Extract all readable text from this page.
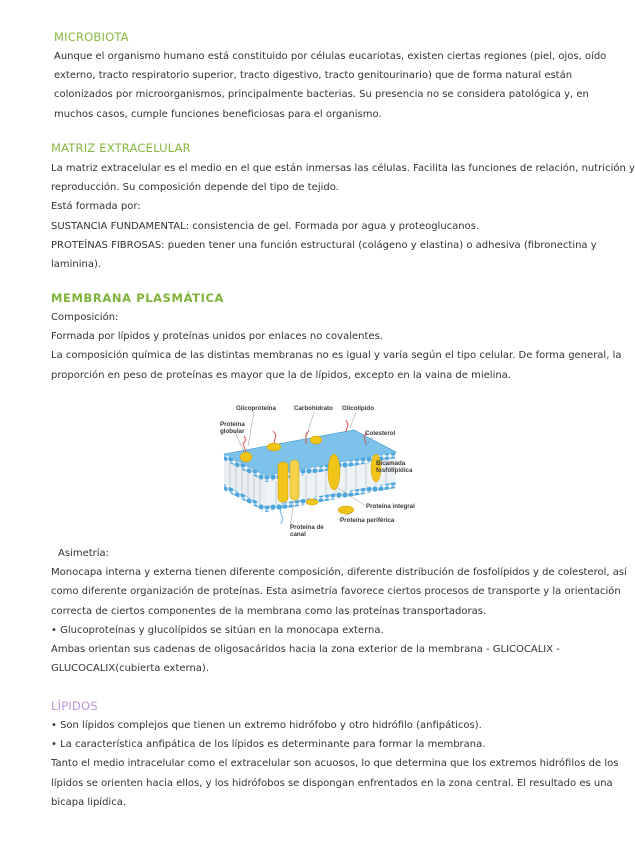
MICROBIOTA
Aunque el organismo humano está constituido por células eucariotas, existen ciertas regiones (piel, ojos, oído
externo, tracto respiratorio superior, tracto digestivo, tracto genitourinario) que de forma natural están
colonizados por microorganismos, principalmente bacterias. Su presencia no se considera patológica y, en
muchos casos, cumple funciones beneficiosas para el organismo.
MATRIZ EXTRACELULAR
La matriz extracelular es el medio en el que están inmersas las células. Facilita las funciones de relación, nutrición y
reproducción. Su composición depende del tipo de tejido.
Está formada por:
SUSTANCIA FUNDAMENTAL: consistencia de gel. Formada por agua y proteoglucanos.
PROTEÍNAS FIBROSAS: pueden tener una función estructural (colágeno y elastina) o adhesiva (fibronectina y
laminina).
MEMBRANA PLASMÁTICA
Composición:
Formada por lípidos y proteínas unidos por enlaces no covalentes.
La composición química de las distintas membranas no es igual y varía según el tipo celular. De forma general, la
proporción en peso de proteínas es mayor que la de lípidos, excepto en la vaina de mielina.
Glicoproteína	Carbohidrato Glicolípido
Proteína
globular	Colesterol
Bicamada
fosfolipídica
Proteína integral
Proteína periférica
Proteína de
canal
Asimetría:
Monocapa interna y externa tienen diferente composición, diferente distribución de fosfolípidos y de colesterol, así
como diferente organización de proteínas. Esta asimetría favorece ciertos procesos de transporte y la orientación
correcta de ciertos componentes de la membrana como las proteínas transportadoras.
• Glucoproteínas y glucolípidos se sitúan en la monocapa externa.
Ambas orientan sus cadenas de oligosacáridos hacia la zona exterior de la membrana - GLICOCALIX -
GLUCOCALIX(cubierta externa).
LÍPIDOS
• Son lípidos complejos que tienen un extremo hidrófobo y otro hidrófilo (anfipáticos).
• La característica anfipática de los lípidos es determinante para formar la membrana.
Tanto el medio intracelular como el extracelular son acuosos, lo que determina que los extremos hidrófilos de los
lípidos se orienten hacia ellos, y los hidrófobos se dispongan enfrentados en la zona central. El resultado es una
bicapa lipídica.
